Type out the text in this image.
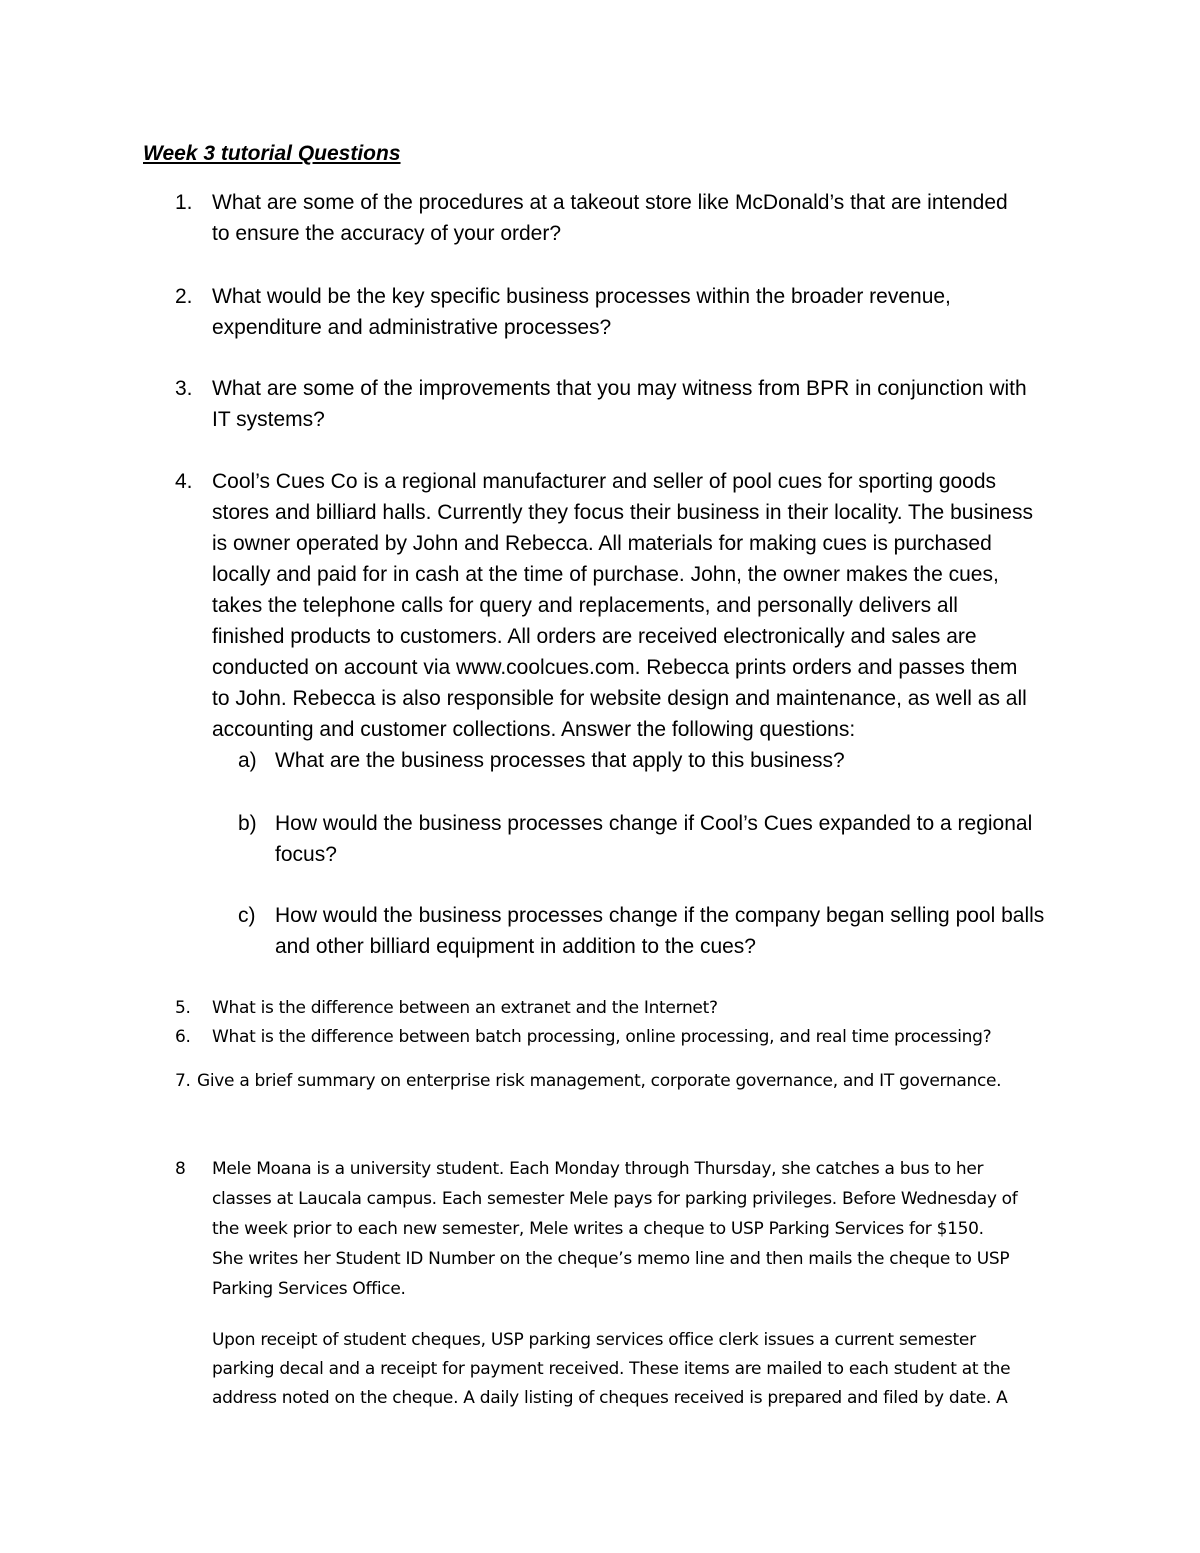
Week 3 tutorial Questions
1. What are some of the procedures at a takeout store like McDonald’s that are intended
to ensure the accuracy of your order?
2. What would be the key specific business processes within the broader revenue,
expenditure and administrative processes?
3. What are some of the improvements that you may witness from BPR in conjunction with
IT systems?
4. Cool’s Cues Co is a regional manufacturer and seller of pool cues for sporting goods
stores and billiard halls. Currently they focus their business in their locality. The business
is owner operated by John and Rebecca. All materials for making cues is purchased
locally and paid for in cash at the time of purchase. John, the owner makes the cues,
takes the telephone calls for query and replacements, and personally delivers all
finished products to customers. All orders are received electronically and sales are
conducted on account via www.coolcues.com. Rebecca prints orders and passes them
to John. Rebecca is also responsible for website design and maintenance, as well as all
accounting and customer collections. Answer the following questions:
a) What are the business processes that apply to this business?
b) How would the business processes change if Cool’s Cues expanded to a regional
focus?
c) How would the business processes change if the company began selling pool balls
and other billiard equipment in addition to the cues?
5. What is the difference between an extranet and the Internet?
6. What is the difference between batch processing, online processing, and real time processing?
7. Give a brief summary on enterprise risk management, corporate governance, and IT governance.
8 Mele Moana is a university student. Each Monday through Thursday, she catches a bus to her
classes at Laucala campus. Each semester Mele pays for parking privileges. Before Wednesday of
the week prior to each new semester, Mele writes a cheque to USP Parking Services for $150.
She writes her Student ID Number on the cheque’s memo line and then mails the cheque to USP
Parking Services Office.
Upon receipt of student cheques, USP parking services office clerk issues a current semester
parking decal and a receipt for payment received. These items are mailed to each student at the
address noted on the cheque. A daily listing of cheques received is prepared and filed by date. A
